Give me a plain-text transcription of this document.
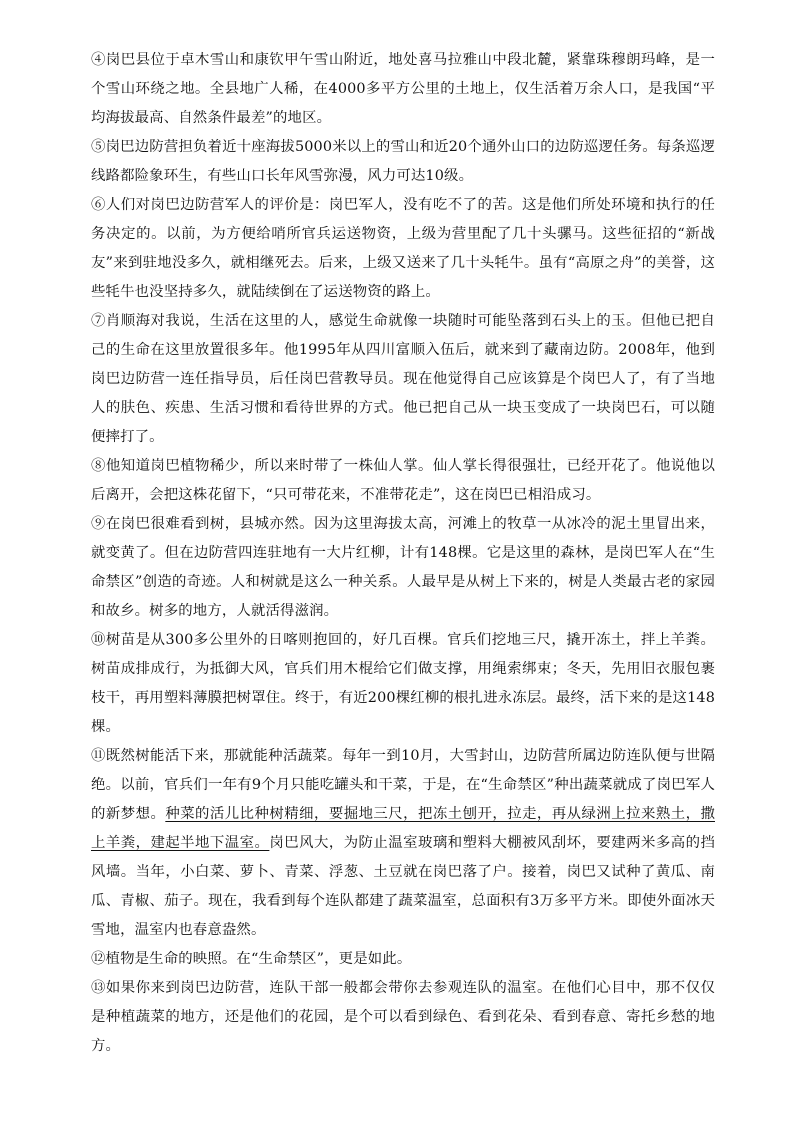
④岗巴县位于卓木雪山和康钦甲午雪山附近，地处喜马拉雅山中段北麓，紧靠珠穆朗玛峰，是一个雪山环绕之地。全县地广人稀，在4000多平方公里的土地上，仅生活着万余人口，是我国“平均海拔最高、自然条件最差”的地区。

⑤岗巴边防营担负着近十座海拔5000米以上的雪山和近20个通外山口的边防巡逻任务。每条巡逻线路都险象环生，有些山口长年风雪弥漫，风力可达10级。

⑥人们对岗巴边防营军人的评价是：岗巴军人，没有吃不了的苦。这是他们所处环境和执行的任务决定的。以前，为方便给哨所官兵运送物资，上级为营里配了几十头骡马。这些征招的“新战友”来到驻地没多久，就相继死去。后来，上级又送来了几十头牦牛。虽有“高原之舟”的美誉，这些牦牛也没坚持多久，就陆续倒在了运送物资的路上。

⑦肖顺海对我说，生活在这里的人，感觉生命就像一块随时可能坠落到石头上的玉。但他已把自己的生命在这里放置很多年。他1995年从四川富顺入伍后，就来到了藏南边防。2008年，他到岗巴边防营一连任指导员，后任岗巴营教导员。现在他觉得自己应该算是个岗巴人了，有了当地人的肤色、疾患、生活习惯和看待世界的方式。他已把自己从一块玉变成了一块岗巴石，可以随便摔打了。

⑧他知道岗巴植物稀少，所以来时带了一株仙人掌。仙人掌长得很强壮，已经开花了。他说他以后离开，会把这株花留下，“只可带花来，不准带花走”，这在岗巴已相沿成习。

⑨在岗巴很难看到树，县城亦然。因为这里海拔太高，河滩上的牧草一从冰冷的泥土里冒出来，就变黄了。但在边防营四连驻地有一大片红柳，计有148棵。它是这里的森林，是岗巴军人在“生命禁区”创造的奇迹。人和树就是这么一种关系。人最早是从树上下来的，树是人类最古老的家园和故乡。树多的地方，人就活得滋润。

⑩树苗是从300多公里外的日喀则抱回的，好几百棵。官兵们挖地三尺，撬开冻土，拌上羊粪。树苗成排成行，为抵御大风，官兵们用木棍给它们做支撑，用绳索绑束；冬天，先用旧衣服包裹枝干，再用塑料薄膜把树罩住。终于，有近200棵红柳的根扎进永冻层。最终，活下来的是这148棵。

⑪既然树能活下来，那就能种活蔬菜。每年一到10月，大雪封山，边防营所属边防连队便与世隔绝。以前，官兵们一年有9个月只能吃罐头和干菜，于是，在“生命禁区”种出蔬菜就成了岗巴军人的新梦想。种菜的活儿比种树精细，要掘地三尺，把冻土刨开，拉走，再从绿洲上拉来熟土，撒上羊粪，建起半地下温室。岗巴风大，为防止温室玻璃和塑料大棚被风刮坏，要建两米多高的挡风墙。当年，小白菜、萝卜、青菜、浮葱、土豆就在岗巴落了户。接着，岗巴又试种了黄瓜、南瓜、青椒、茄子。现在，我看到每个连队都建了蔬菜温室，总面积有3万多平方米。即使外面冰天雪地，温室内也春意盎然。

⑫植物是生命的映照。在“生命禁区”，更是如此。

⑬如果你来到岗巴边防营，连队干部一般都会带你去参观连队的温室。在他们心目中，那不仅仅是种植蔬菜的地方，还是他们的花园，是个可以看到绿色、看到花朵、看到春意、寄托乡愁的地方。
